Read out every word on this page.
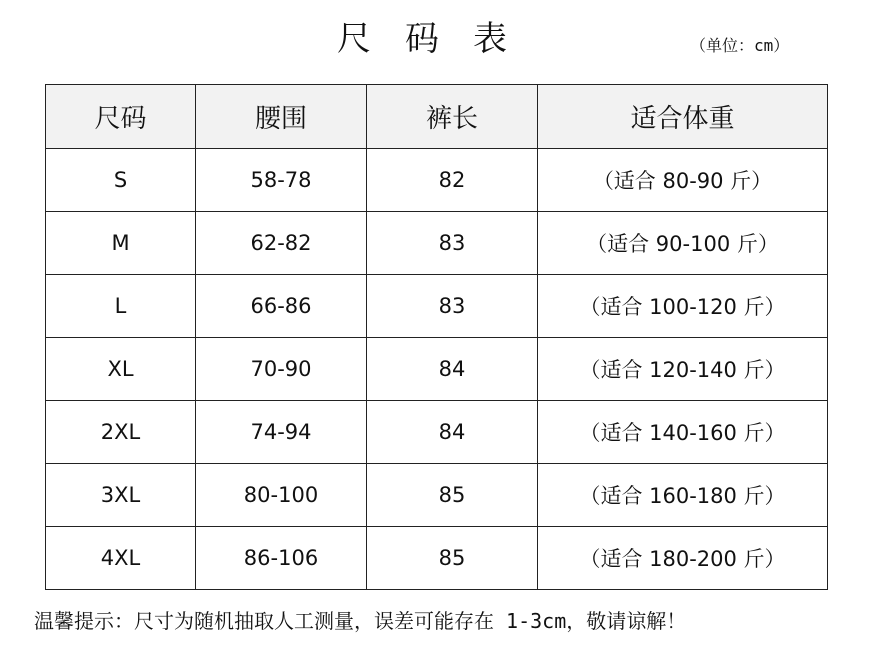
尺码表	（单位：cm）
尺码	腰围	裤长	适合体重
S	58-78	82	（适合 80-90 斤）
M	62-82	83	（适合 90-100 斤）
L	66-86	83	（适合 100-120 斤）
XL	70-90	84	（适合 120-140 斤）
2XL	74-94	84	（适合 140-160 斤）
3XL	80-100	85	（适合 160-180 斤）
4XL	86-106	85	（适合 180-200 斤）
温馨提示：尺寸为随机抽取人工测量，误差可能存在 1-3cm，敬请谅解！
